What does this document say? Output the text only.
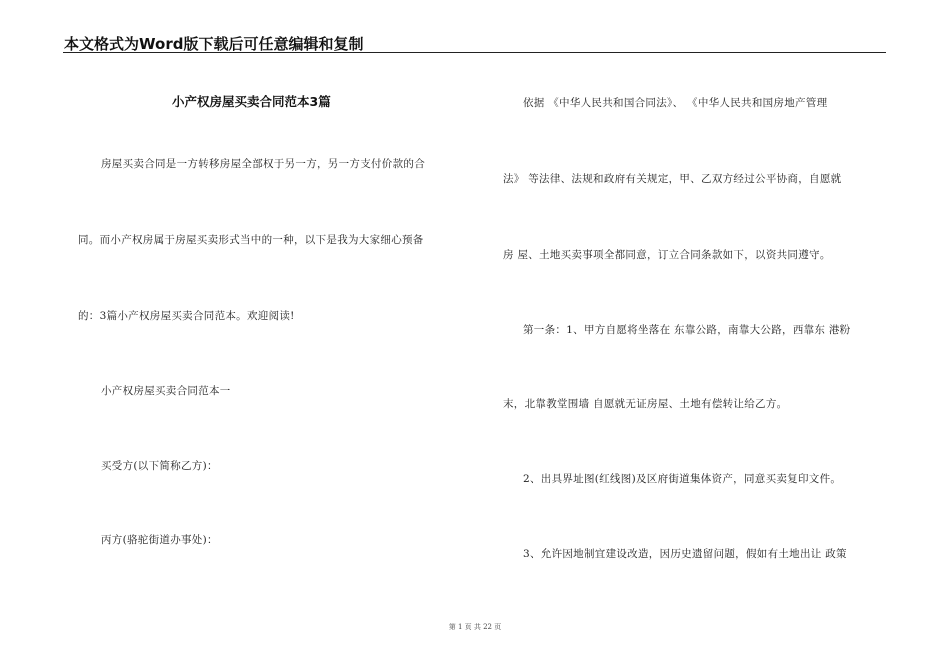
本文格式为Word版下载后可任意编辑和复制
小产权房屋买卖合同范本3篇
房屋买卖合同是一方转移房屋全部权于另一方，另一方支付价款的合
同。而小产权房属于房屋买卖形式当中的一种，以下是我为大家细心预备
的：3篇小产权房屋买卖合同范本。欢迎阅读!
小产权房屋买卖合同范本一
买受方(以下简称乙方)：
丙方(骆驼街道办事处)：
依据 《中华人民共和国合同法》、 《中华人民共和国房地产管理
法》 等法律、法规和政府有关规定，甲、乙双方经过公平协商，自愿就
房 屋、土地买卖事项全都同意，订立合同条款如下，以资共同遵守。
第一条：1、甲方自愿将坐落在 东靠公路，南靠大公路，西靠东 港粉
末，北靠教堂围墙 自愿就无证房屋、土地有偿转让给乙方。
2、出具界址图(红线图)及区府街道集体资产，同意买卖复印文件。
3、允许因地制宜建设改造，因历史遗留问题，假如有土地出让 政策
第 1 页 共 22 页
